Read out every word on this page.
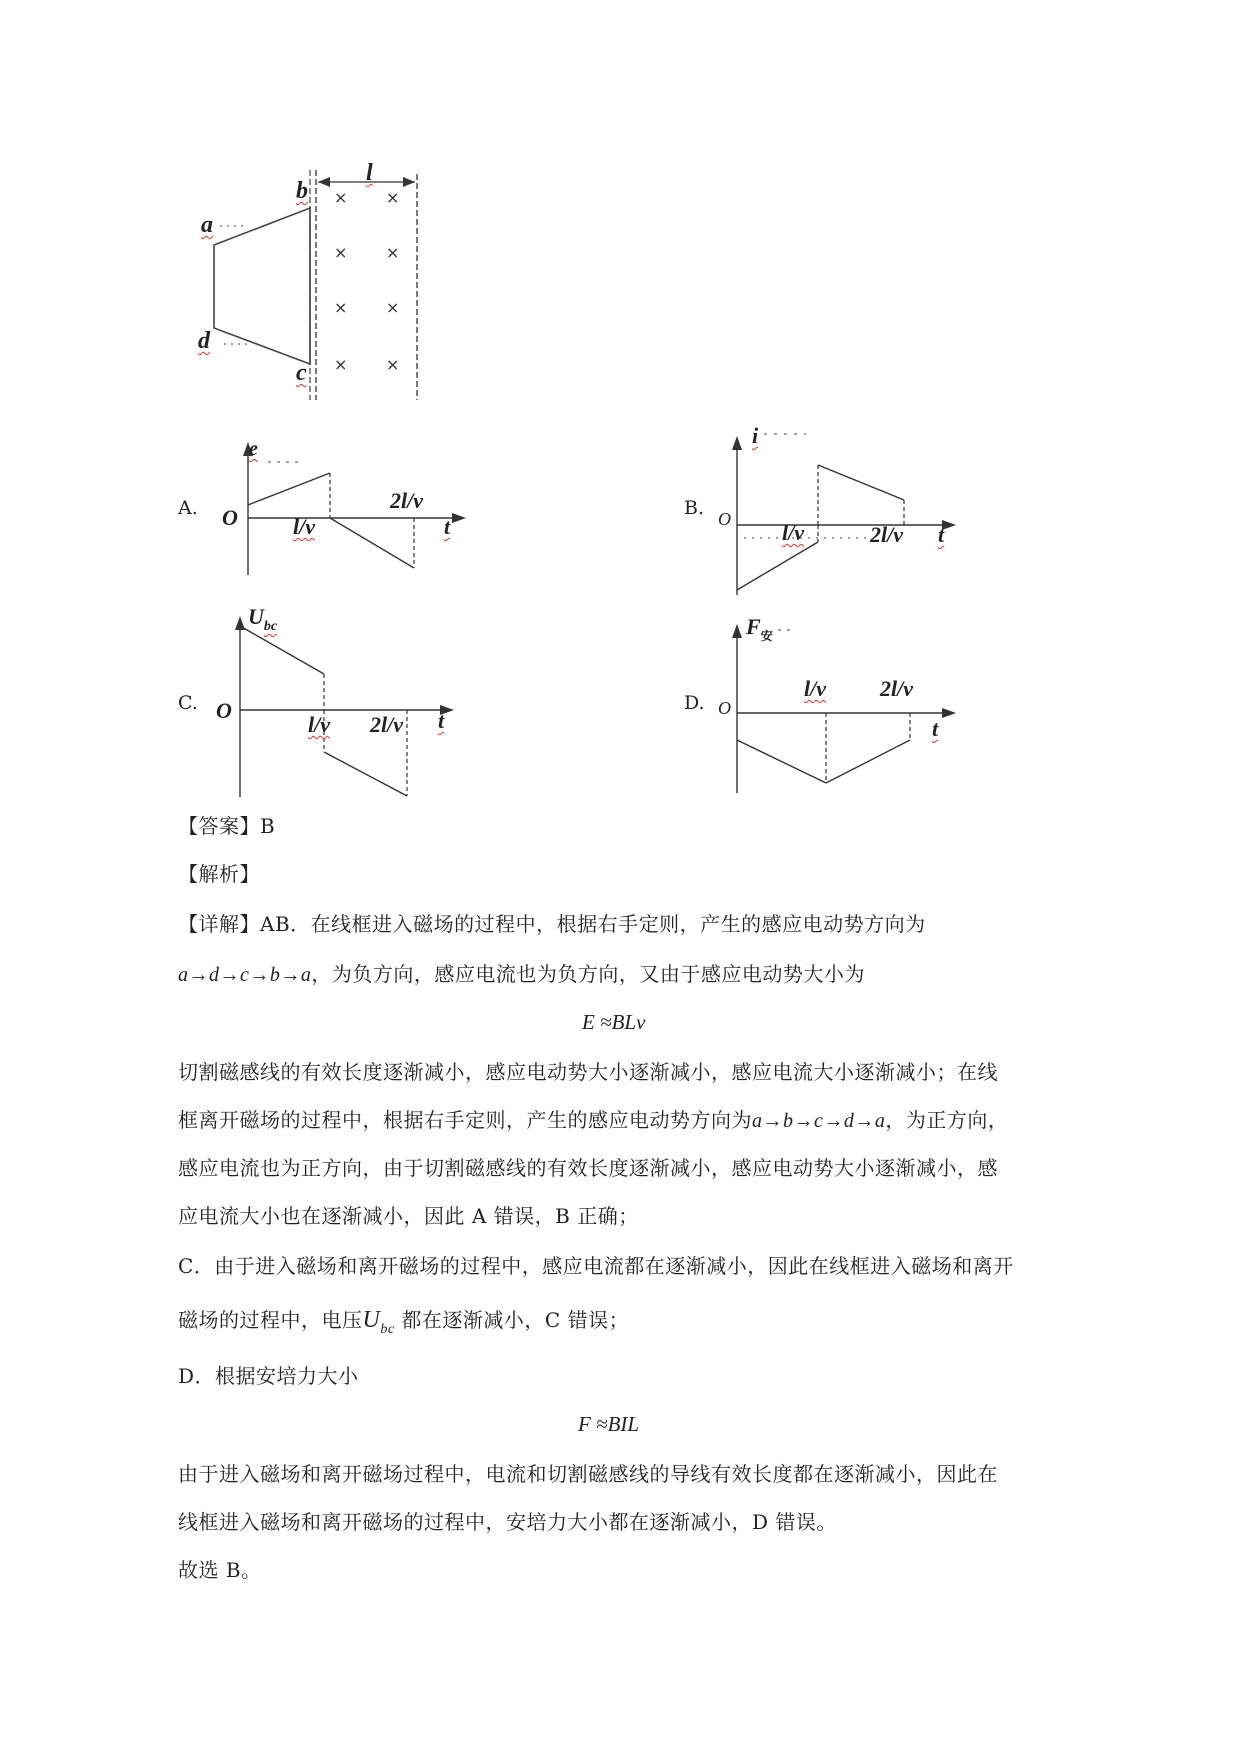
× ×
× ×
× ×
× ×
a
b
d
c
l
A.
e
O	l/v
2l/v
t
B.
i
O
l/v	2l/v t
C.
$U_{bc}$
O
l/v 2l/v t
D.
$F_安$
O
l/v 2l/v
t
【答案】B
【解析】
【详解】AB．在线框进入磁场的过程中，根据右手定则，产生的感应电动势方向为
a→d→c→b→a，为负方向，感应电流也为负方向，又由于感应电动势大小为
E ≈BLv
切割磁感线的有效长度逐渐减小，感应电动势大小逐渐减小，感应电流大小逐渐减小；在线
框离开磁场的过程中，根据右手定则，产生的感应电动势方向为a→b→c→d→a，为正方向，
感应电流也为正方向，由于切割磁感线的有效长度逐渐减小，感应电动势大小逐渐减小，感
应电流大小也在逐渐减小，因此 A 错误，B 正确；
C．由于进入磁场和离开磁场的过程中，感应电流都在逐渐减小，因此在线框进入磁场和离开
磁场的过程中，电压$U_{bc}$ 都在逐渐减小，C 错误；
D．根据安培力大小
F ≈BIL
由于进入磁场和离开磁场过程中，电流和切割磁感线的导线有效长度都在逐渐减小，因此在
线框进入磁场和离开磁场的过程中，安培力大小都在逐渐减小，D 错误。
故选 B。
